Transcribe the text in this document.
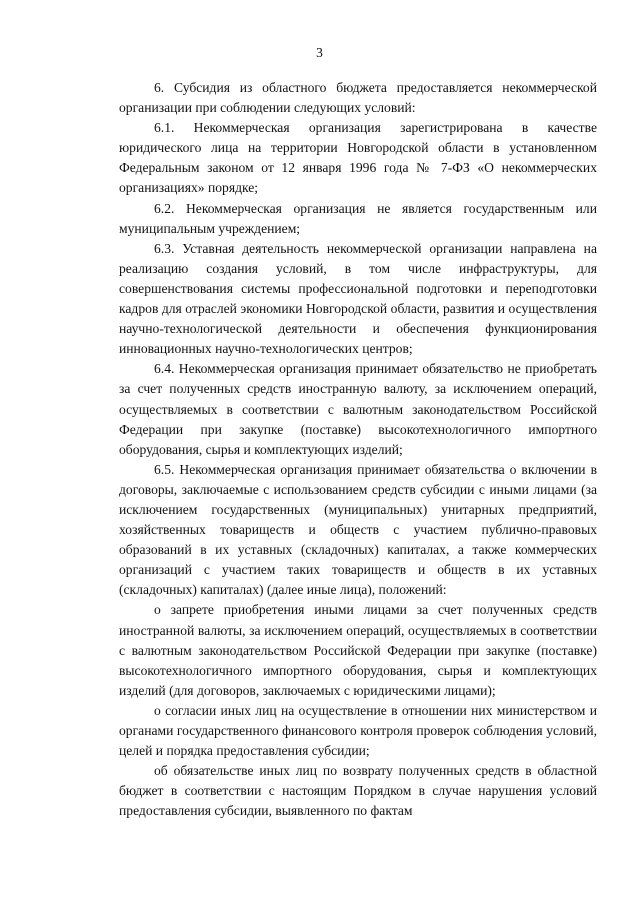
3

6. Субсидия из областного бюджета предоставляется некоммерческой организации при соблюдении следующих условий:

6.1. Некоммерческая организация зарегистрирована в качестве юридического лица на территории Новгородской области в установленном Федеральным законом от 12 января 1996 года № 7-ФЗ «О некоммерческих организациях» порядке;

6.2. Некоммерческая организация не является государственным или муниципальным учреждением;

6.3. Уставная деятельность некоммерческой организации направлена на реализацию создания условий, в том числе инфраструктуры, для совершенствования системы профессиональной подготовки и переподготовки кадров для отраслей экономики Новгородской области, развития и осуществления научно-технологической деятельности и обеспечения функционирования инновационных научно-технологических центров;

6.4. Некоммерческая организация принимает обязательство не приобретать за счет полученных средств иностранную валюту, за исключением операций, осуществляемых в соответствии с валютным законодательством Российской Федерации при закупке (поставке) высокотехнологичного импортного оборудования, сырья и комплектующих изделий;

6.5. Некоммерческая организация принимает обязательства о включении в договоры, заключаемые с использованием средств субсидии с иными лицами (за исключением государственных (муниципальных) унитарных предприятий, хозяйственных товариществ и обществ с участием публично-правовых образований в их уставных (складочных) капиталах, а также коммерческих организаций с участием таких товариществ и обществ в их уставных (складочных) капиталах) (далее иные лица), положений:

о запрете приобретения иными лицами за счет полученных средств иностранной валюты, за исключением операций, осуществляемых в соответствии с валютным законодательством Российской Федерации при закупке (поставке) высокотехнологичного импортного оборудования, сырья и комплектующих изделий (для договоров, заключаемых с юридическими лицами);

о согласии иных лиц на осуществление в отношении них министерством и органами государственного финансового контроля проверок соблюдения условий, целей и порядка предоставления субсидии;

об обязательстве иных лиц по возврату полученных средств в областной бюджет в соответствии с настоящим Порядком в случае нарушения условий предоставления субсидии, выявленного по фактам
